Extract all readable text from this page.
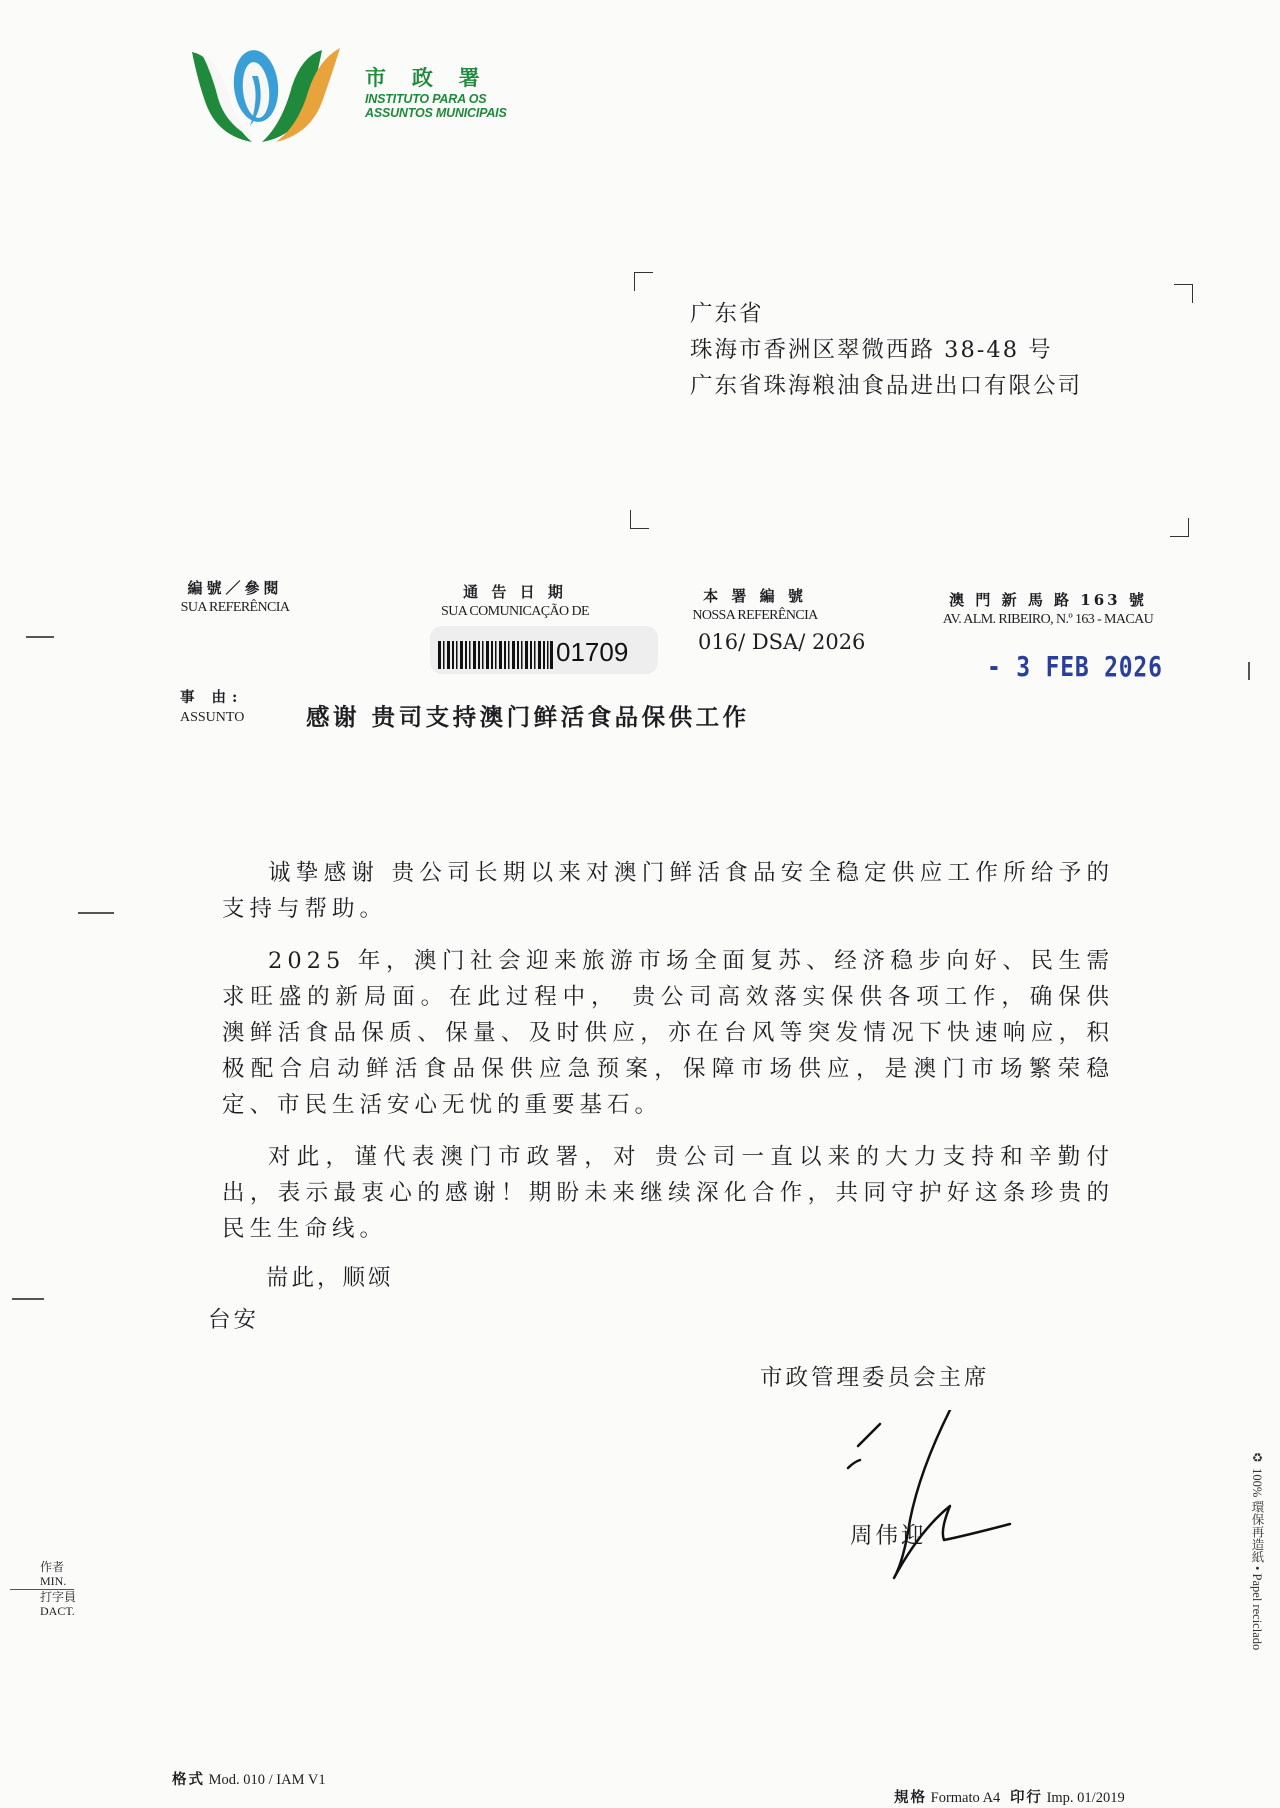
市 政 署
INSTITUTO PARA OS
ASSUNTOS MUNICIPAIS
广东省
珠海市香洲区翠微西路 38-48 号
广东省珠海粮油食品进出口有限公司
編號／參閱
SUA REFERÊNCIA
通 告 日 期
SUA COMUNICAÇÃO DE
本 署 編 號
NOSSA REFERÊNCIA
澳 門 新 馬 路 163 號
AV. ALM. RIBEIRO, N.º 163 - MACAU
01709	016/ DSA/ 2026
- 3 FEB 2026
事 由:
ASSUNTO	感谢 贵司支持澳门鲜活食品保供工作

诚挚感谢 贵公司长期以来对澳门鲜活食品安全稳定供应工作所给予的支持与帮助。

2025 年，澳门社会迎来旅游市场全面复苏、经济稳步向好、民生需求旺盛的新局面。在此过程中， 贵公司高效落实保供各项工作，确保供澳鲜活食品保质、保量、及时供应，亦在台风等突发情况下快速响应，积极配合启动鲜活食品保供应急预案，保障市场供应，是澳门市场繁荣稳定、市民生活安心无忧的重要基石。

对此，谨代表澳门市政署，对 贵公司一直以来的大力支持和辛勤付出，表示最衷心的感谢！期盼未来继续深化合作，共同守护好这条珍贵的民生生命线。

耑此，顺颂
台安
市政管理委员会主席
周伟迎
作者
MIN.
打字員
DACT.	♻ 100% 環保再造紙 • Papel reciclado
格式 Mod. 010 / IAM V1
規格 Formato A4 印行 Imp. 01/2019
